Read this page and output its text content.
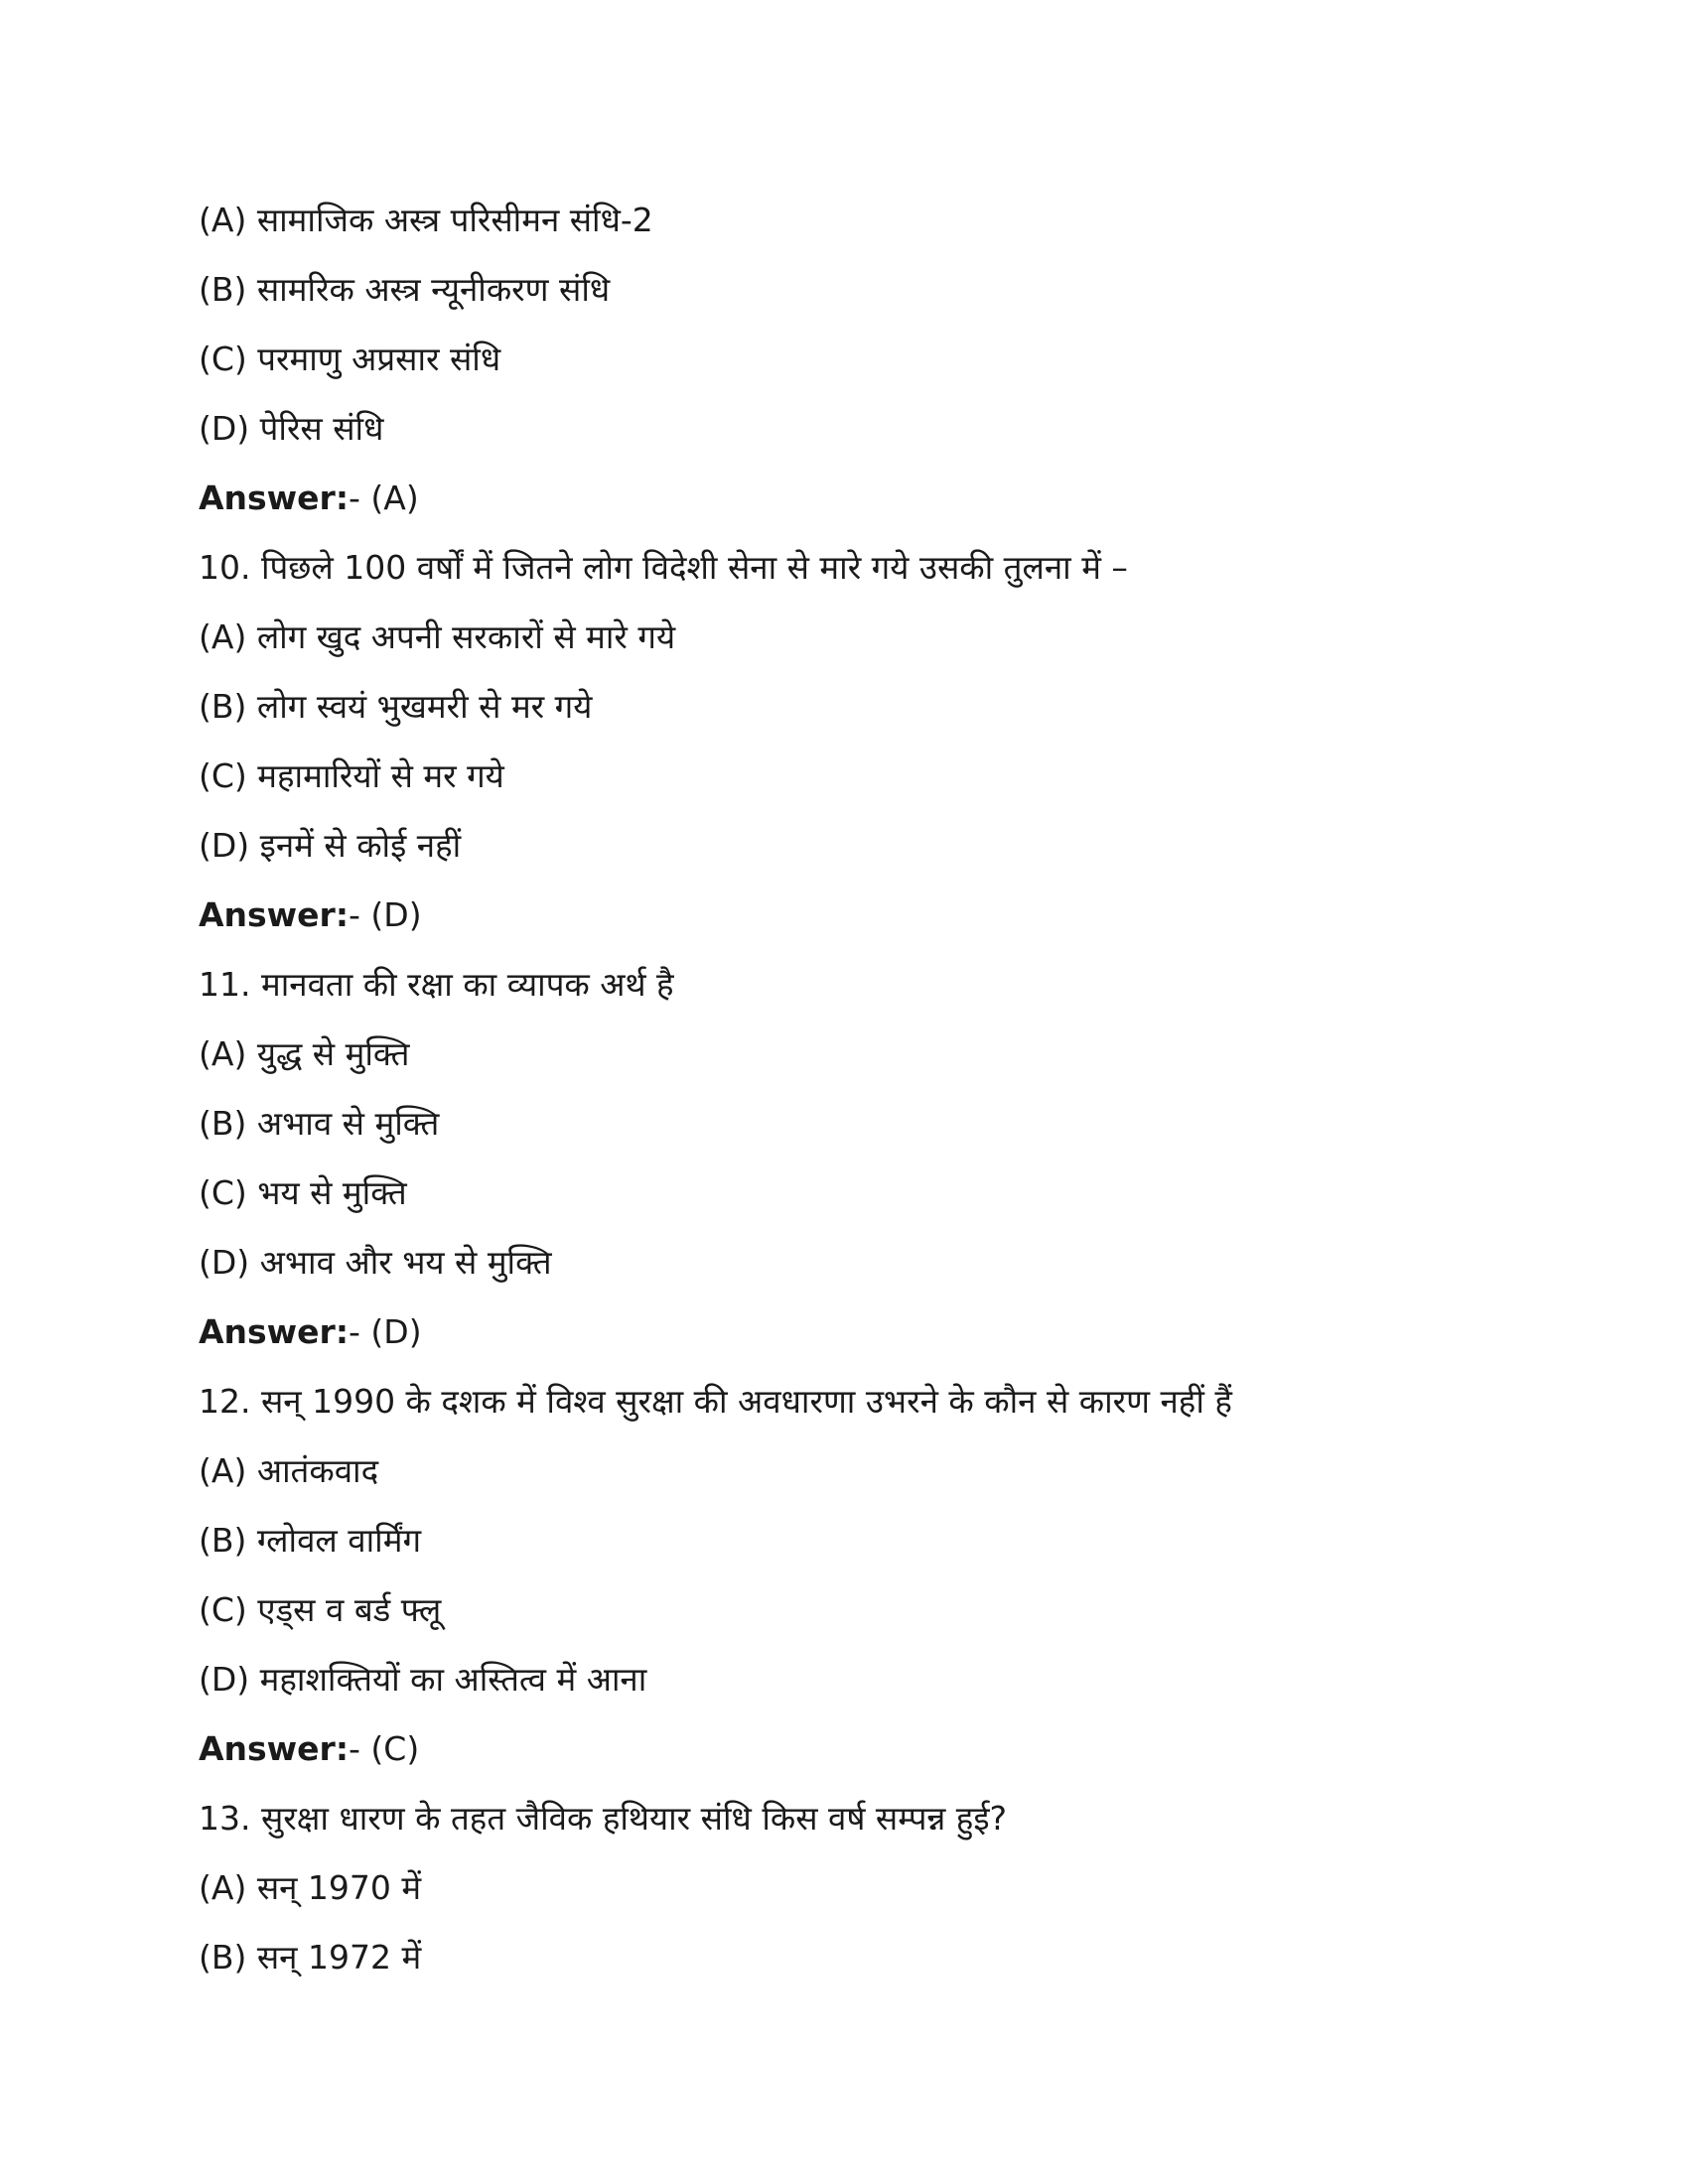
(A) सामाजिक अस्त्र परिसीमन संधि-2
(B) सामरिक अस्त्र न्यूनीकरण संधि
(C) परमाणु अप्रसार संधि
(D) पेरिस संधि
Answer:- (A)
10. पिछले 100 वर्षों में जितने लोग विदेशी सेना से मारे गये उसकी तुलना में –
(A) लोग खुद अपनी सरकारों से मारे गये
(B) लोग स्वयं भुखमरी से मर गये
(C) महामारियों से मर गये
(D) इनमें से कोई नहीं
Answer:- (D)
11. मानवता की रक्षा का व्यापक अर्थ है
(A) युद्ध से मुक्ति
(B) अभाव से मुक्ति
(C) भय से मुक्ति
(D) अभाव और भय से मुक्ति
Answer:- (D)
12. सन् 1990 के दशक में विश्व सुरक्षा की अवधारणा उभरने के कौन से कारण नहीं हैं
(A) आतंकवाद
(B) ग्लोवल वार्मिंग
(C) एड्स व बर्ड फ्लू
(D) महाशक्तियों का अस्तित्व में आना
Answer:- (C)
13. सुरक्षा धारण के तहत जैविक हथियार संधि किस वर्ष सम्पन्न हुई?
(A) सन् 1970 में
(B) सन् 1972 में
